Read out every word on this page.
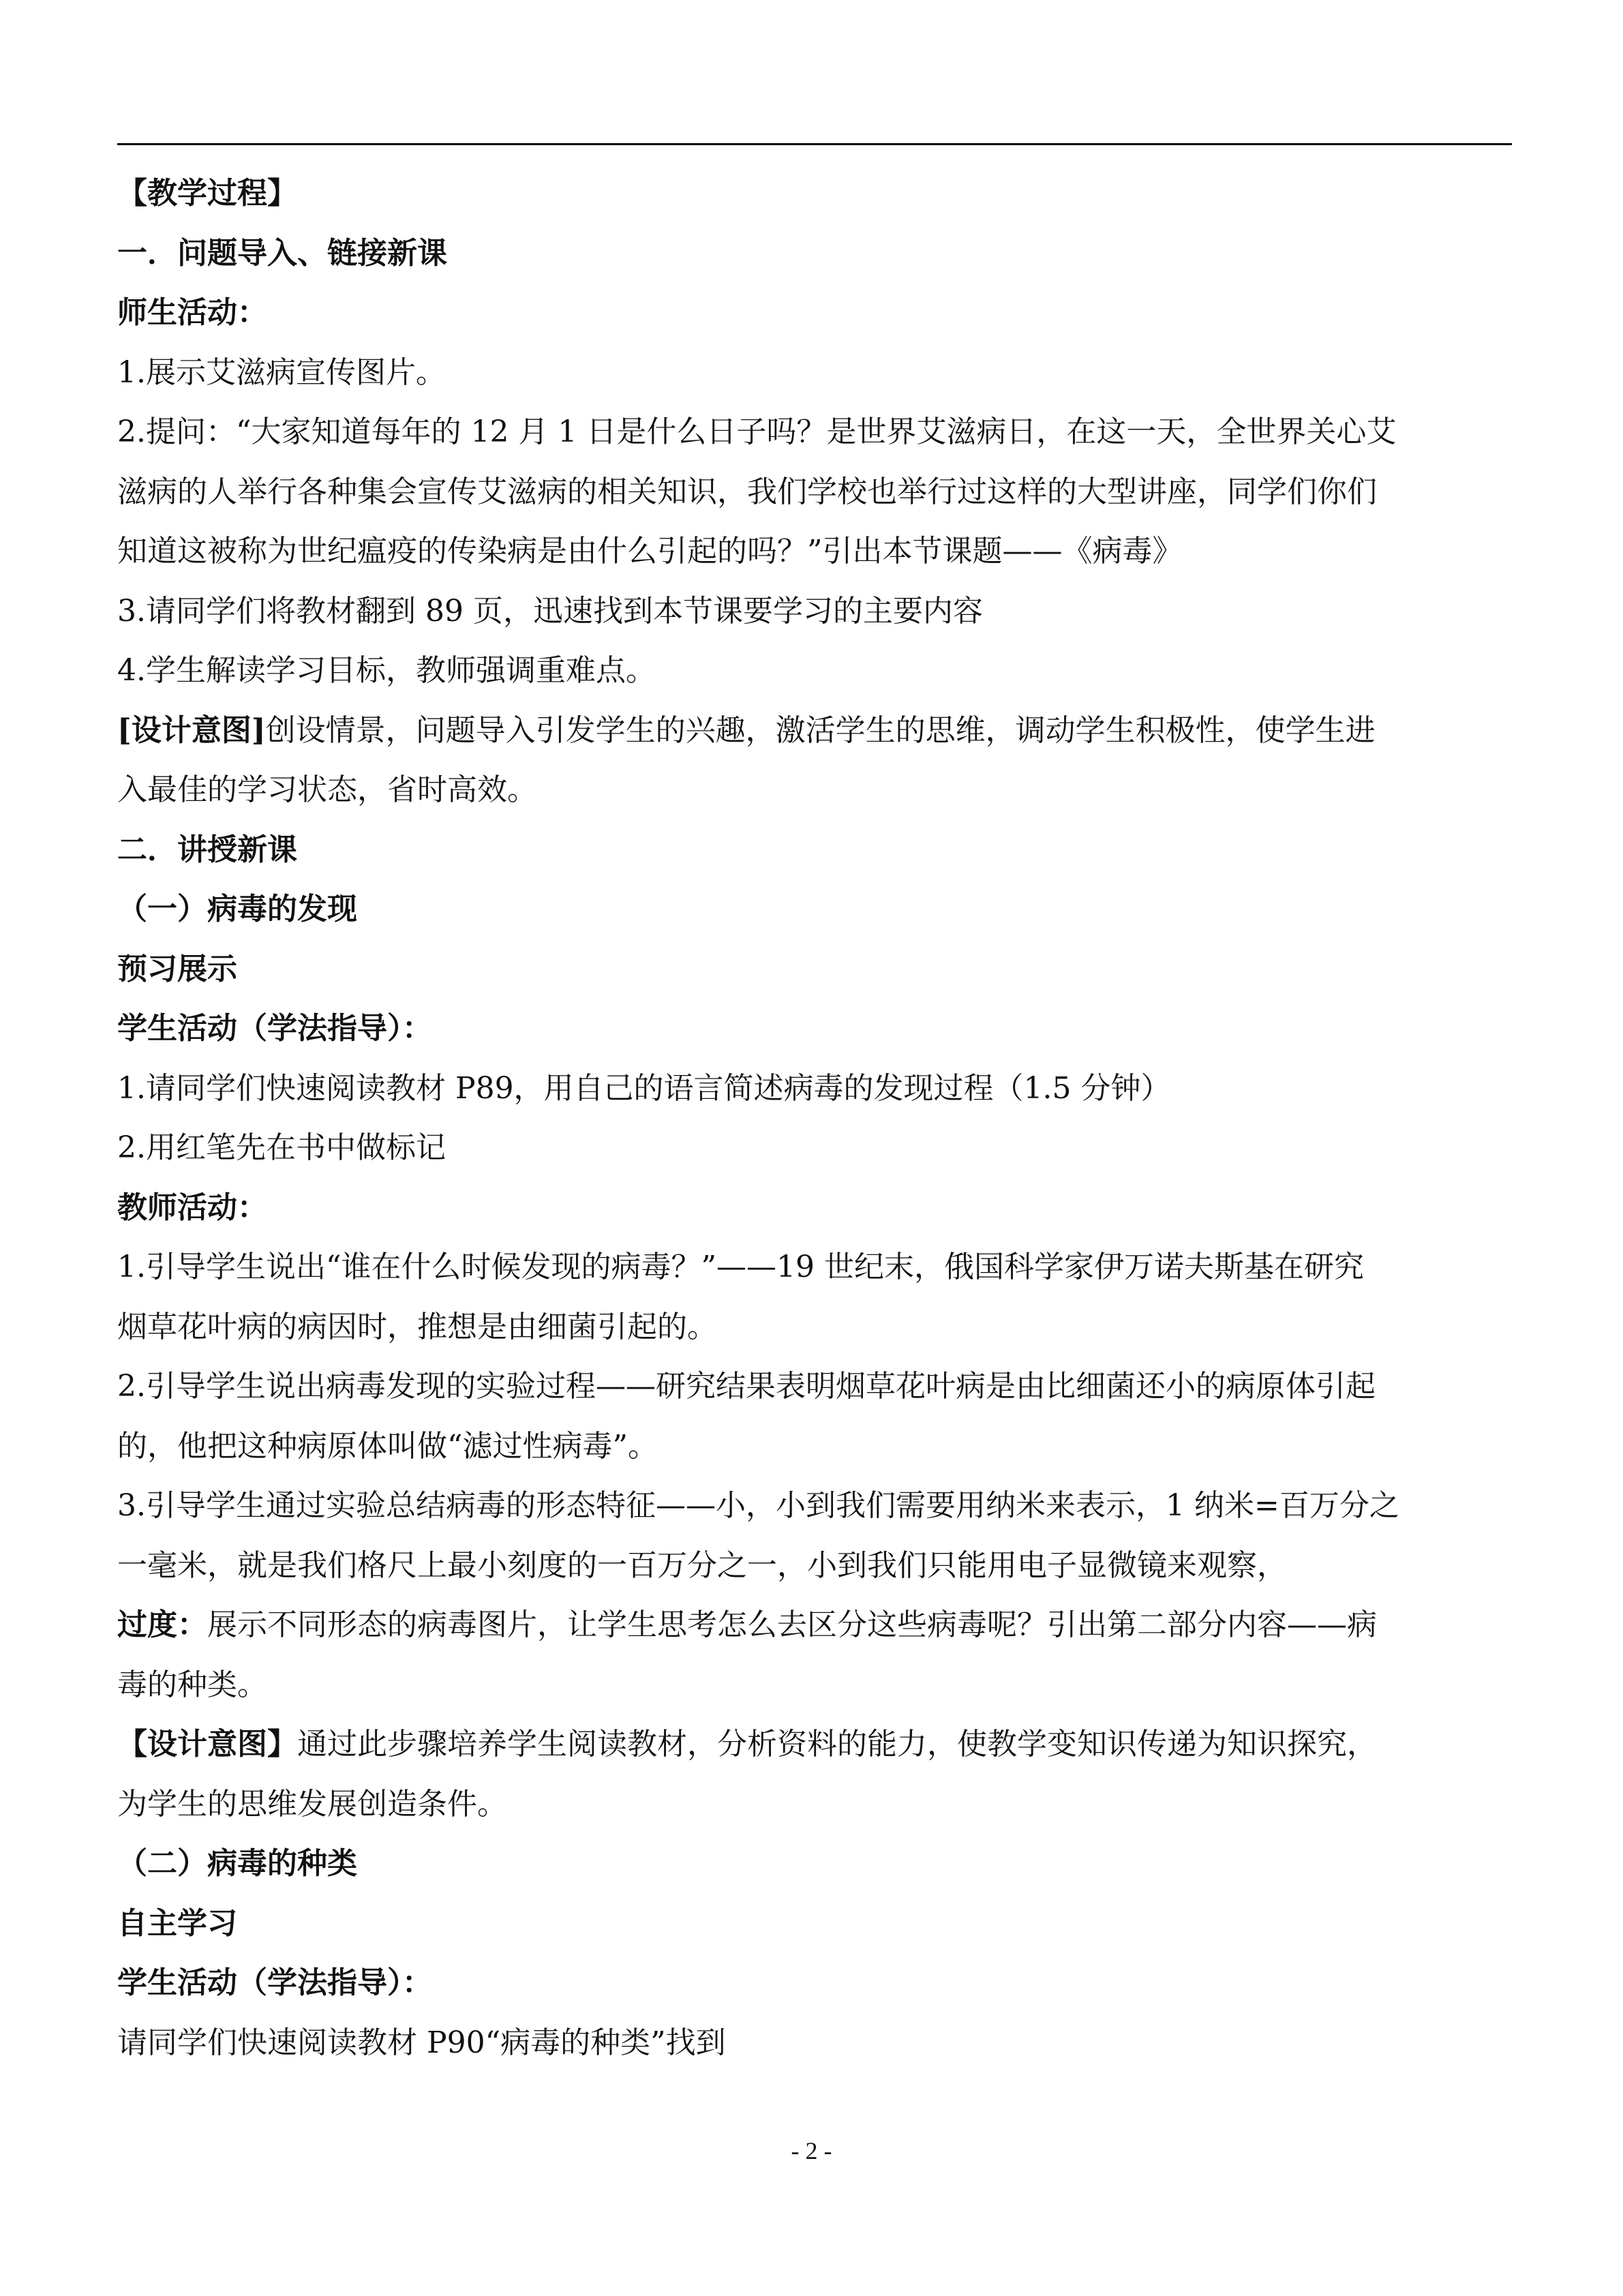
【教学过程】
一．问题导入、链接新课
师生活动：
1.展示艾滋病宣传图片。
2.提问：“大家知道每年的 12 月 1 日是什么日子吗？是世界艾滋病日，在这一天，全世界关心艾
滋病的人举行各种集会宣传艾滋病的相关知识，我们学校也举行过这样的大型讲座，同学们你们
知道这被称为世纪瘟疫的传染病是由什么引起的吗？”引出本节课题——《病毒》
3.请同学们将教材翻到 89 页，迅速找到本节课要学习的主要内容
4.学生解读学习目标，教师强调重难点。
[设计意图]创设情景，问题导入引发学生的兴趣，激活学生的思维，调动学生积极性，使学生进
入最佳的学习状态，省时高效。
二．讲授新课
（一）病毒的发现
预习展示
学生活动（学法指导）：
1.请同学们快速阅读教材 P89，用自己的语言简述病毒的发现过程（1.5 分钟）
2.用红笔先在书中做标记
教师活动：
1.引导学生说出“谁在什么时候发现的病毒？”——19 世纪末，俄国科学家伊万诺夫斯基在研究
烟草花叶病的病因时，推想是由细菌引起的。
2.引导学生说出病毒发现的实验过程——研究结果表明烟草花叶病是由比细菌还小的病原体引起
的，他把这种病原体叫做“滤过性病毒”。
3.引导学生通过实验总结病毒的形态特征——小，小到我们需要用纳米来表示，1 纳米=百万分之
一毫米，就是我们格尺上最小刻度的一百万分之一，小到我们只能用电子显微镜来观察，
过度：展示不同形态的病毒图片，让学生思考怎么去区分这些病毒呢？引出第二部分内容——病
毒的种类。
【设计意图】通过此步骤培养学生阅读教材，分析资料的能力，使教学变知识传递为知识探究，
为学生的思维发展创造条件。
（二）病毒的种类
自主学习
学生活动（学法指导）：
请同学们快速阅读教材 P90“病毒的种类”找到
- 2 -
